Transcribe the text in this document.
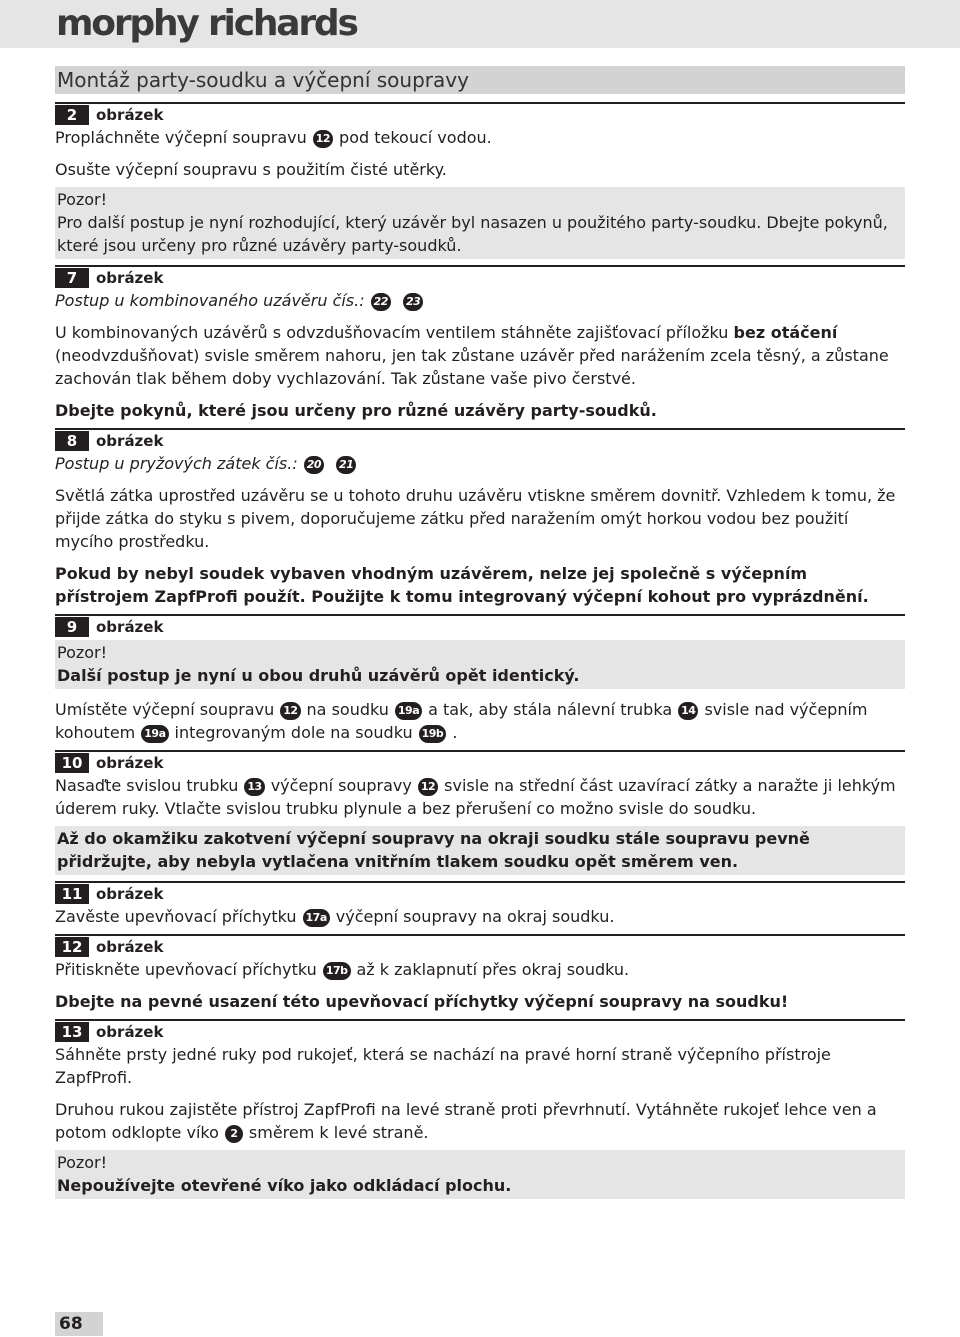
morphy richards
Montáž party-soudku a výčepní soupravy
2	obrázek

Propláchněte výčepní soupravu 12 pod tekoucí vodou.

Osušte výčepní soupravu s použitím čisté utěrky.

Pozor!

Pro další postup je nyní rozhodující, který uzávěr byl nasazen u použitého party-soudku. Dbejte pokynů, které jsou určeny pro různé uzávěry party-soudků.

7	obrázek

Postup u kombinovaného uzávěru čís.: 22 23

U kombinovaných uzávěrů s odvzdušňovacím ventilem stáhněte zajišťovací příložku bez otáčení (neodvzdušňovat) svisle směrem nahoru, jen tak zůstane uzávěr před narážením zcela těsný, a zůstane zachován tlak během doby vychlazování. Tak zůstane vaše pivo čerstvé.

Dbejte pokynů, které jsou určeny pro různé uzávěry party-soudků.

8	obrázek

Postup u pryžových zátek čís.: 20 21

Světlá zátka uprostřed uzávěru se u tohoto druhu uzávěru vtiskne směrem dovnitř. Vzhledem k tomu, že přijde zátka do styku s pivem, doporučujeme zátku před naražením omýt horkou vodou bez použití mycího prostředku.

Pokud by nebyl soudek vybaven vhodným uzávěrem, nelze jej společně s výčepním přístrojem ZapfProfi použít. Použijte k tomu integrovaný výčepní kohout pro vyprázdnění.

9	obrázek

Pozor!

Další postup je nyní u obou druhů uzávěrů opět identický.

Umístěte výčepní soupravu 12 na soudku 19a a tak, aby stála nálevní trubka 14 svisle nad výčepním kohoutem 19a integrovaným dole na soudku 19b .

10 obrázek

Nasaďte svislou trubku 13 výčepní soupravy 12 svisle na střední část uzavírací zátky a naražte ji lehkým úderem ruky. Vtlačte svislou trubku plynule a bez přerušení co možno svisle do soudku.

Až do okamžiku zakotvení výčepní soupravy na okraji soudku stále soupravu pevně přidržujte, aby nebyla vytlačena vnitřním tlakem soudku opět směrem ven.

11 obrázek

Zavěste upevňovací příchytku 17a výčepní soupravy na okraj soudku.

12 obrázek

Přitiskněte upevňovací příchytku 17b až k zaklapnutí přes okraj soudku.

Dbejte na pevné usazení této upevňovací příchytky výčepní soupravy na soudku!

13 obrázek

Sáhněte prsty jedné ruky pod rukojeť, která se nachází na pravé horní straně výčepního přístroje ZapfProfi.

Druhou rukou zajistěte přístroj ZapfProfi na levé straně proti převrhnutí. Vytáhněte rukojeť lehce ven a potom odklopte víko 2 směrem k levé straně.

Pozor!

Nepoužívejte otevřené víko jako odkládací plochu.

68
